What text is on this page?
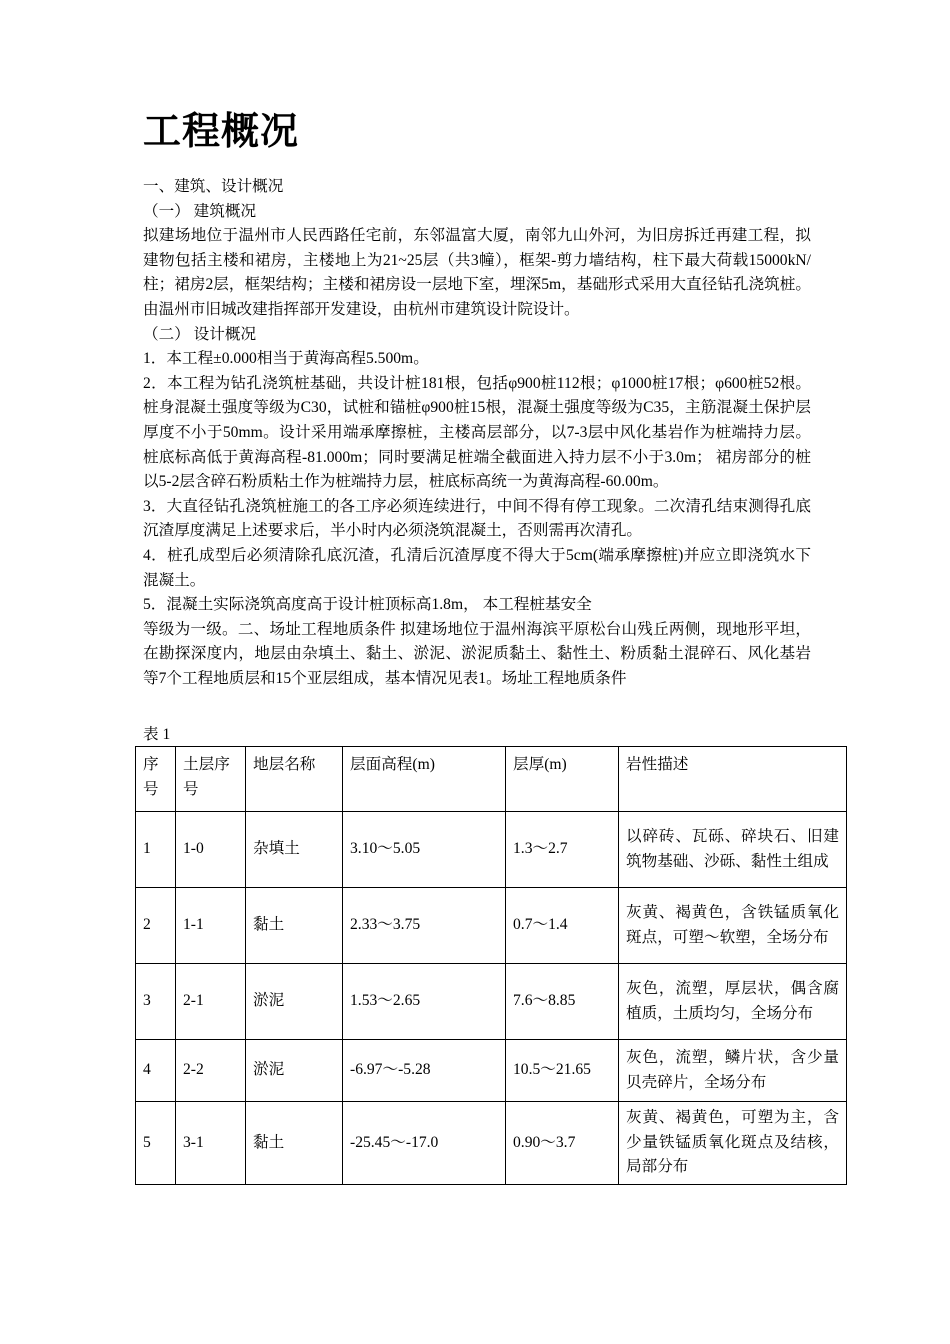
工程概况

一、建筑、设计概况

（一） 建筑概况

拟建场地位于温州市人民西路任宅前，东邻温富大厦，南邻九山外河，为旧房拆迁再建工程，拟建物包括主楼和裙房，主楼地上为21~25层（共3幢），框架-剪力墙结构，柱下最大荷载15000kN/柱；裙房2层，框架结构；主楼和裙房设一层地下室，埋深5m，基础形式采用大直径钻孔浇筑桩。由温州市旧城改建指挥部开发建设，由杭州市建筑设计院设计。

（二） 设计概况

1．本工程±0.000相当于黄海高程5.500m。

2．本工程为钻孔浇筑桩基础，共设计桩181根，包括φ900桩112根；φ1000桩17根；φ600桩52根。桩身混凝土强度等级为C30，试桩和锚桩φ900桩15根，混凝土强度等级为C35，主筋混凝土保护层厚度不小于50mm。设计采用端承摩擦桩，主楼高层部分，以7-3层中风化基岩作为桩端持力层。桩底标高低于黄海高程-81.000m；同时要满足桩端全截面进入持力层不小于3.0m； 裙房部分的桩以5-2层含碎石粉质粘土作为桩端持力层，桩底标高统一为黄海高程-60.00m。

3．大直径钻孔浇筑桩施工的各工序必须连续进行，中间不得有停工现象。二次清孔结束测得孔底沉渣厚度满足上述要求后，半小时内必须浇筑混凝土，否则需再次清孔。

4．桩孔成型后必须清除孔底沉渣，孔清后沉渣厚度不得大于5cm(端承摩擦桩)并应立即浇筑水下混凝土。

5．混凝土实际浇筑高度高于设计桩顶标高1.8m， 本工程桩基安全

等级为一级。二、场址工程地质条件 拟建场地位于温州海滨平原松台山残丘两侧，现地形平坦，在勘探深度内，地层由杂填土、黏土、淤泥、淤泥质黏土、黏性土、粉质黏土混碎石、风化基岩等7个工程地质层和15个亚层组成，基本情况见表1。场址工程地质条件

表 1
序号	土层序号	地层名称	层面高程(m)	层厚(m)	岩性描述
1	1-0	杂填土	3.10～5.05	1.3～2.7	以碎砖、瓦砾、碎块石、旧建筑物基础、沙砾、黏性土组成
2	1-1	黏土	2.33～3.75	0.7～1.4	灰黄、褐黄色，含铁锰质氧化斑点，可塑～软塑，全场分布
3	2-1	淤泥	1.53～2.65	7.6～8.85	灰色，流塑，厚层状，偶含腐植质，土质均匀，全场分布
4	2-2	淤泥	-6.97～-5.28	10.5～21.65	灰色，流塑，鳞片状，含少量贝壳碎片，全场分布
5	3-1	黏土	-25.45～-17.0	0.90～3.7	灰黄、褐黄色，可塑为主，含少量铁锰质氧化斑点及结核，局部分布
